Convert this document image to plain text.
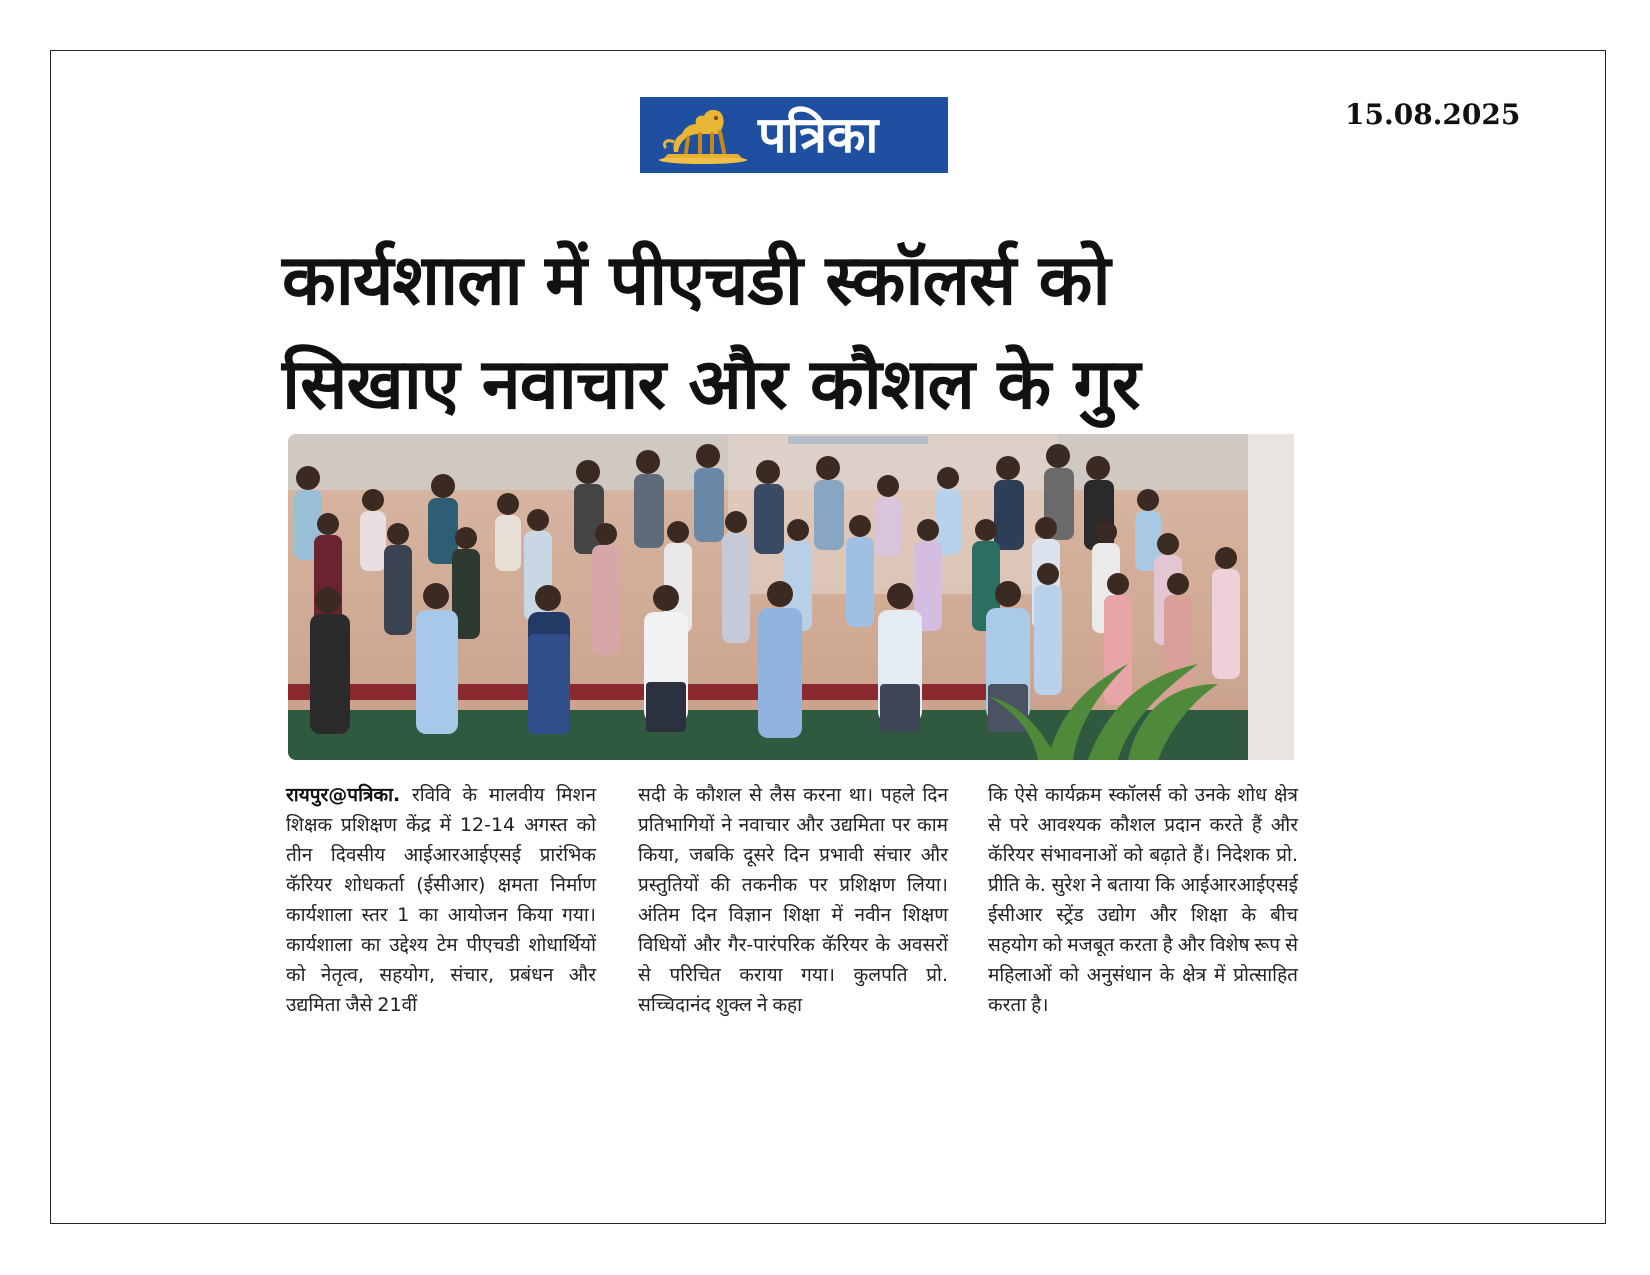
पत्रिका	15.08.2025
कार्यशाला में पीएचडी स्कॉलर्स को
सिखाए नवाचार और कौशल के गुर
रायपुर@पत्रिका. रविवि के मालवीय मिशन शिक्षक प्रशिक्षण केंद्र में 12-14 अगस्त को तीन दिवसीय आईआरआईएसई प्रारंभिक कॅरियर शोधकर्ता (ईसीआर) क्षमता निर्माण कार्यशाला स्तर 1 का आयोजन किया गया। कार्यशाला का उद्देश्य टेम पीएचडी शोधार्थियों को नेतृत्व, सहयोग, संचार, प्रबंधन और उद्यमिता जैसे 21वीं
सदी के कौशल से लैस करना था। पहले दिन प्रतिभागियों ने नवाचार और उद्यमिता पर काम किया, जबकि दूसरे दिन प्रभावी संचार और प्रस्तुतियों की तकनीक पर प्रशिक्षण लिया। अंतिम दिन विज्ञान शिक्षा में नवीन शिक्षण विधियों और गैर-पारंपरिक कॅरियर के अवसरों से परिचित कराया गया। कुलपति प्रो. सच्चिदानंद शुक्ल ने कहा
कि ऐसे कार्यक्रम स्कॉलर्स को उनके शोध क्षेत्र से परे आवश्यक कौशल प्रदान करते हैं और कॅरियर संभावनाओं को बढ़ाते हैं। निदेशक प्रो. प्रीति के. सुरेश ने बताया कि आईआरआईएसई ईसीआर स्ट्रेंड उद्योग और शिक्षा के बीच सहयोग को मजबूत करता है और विशेष रूप से महिलाओं को अनुसंधान के क्षेत्र में प्रोत्साहित करता है।
